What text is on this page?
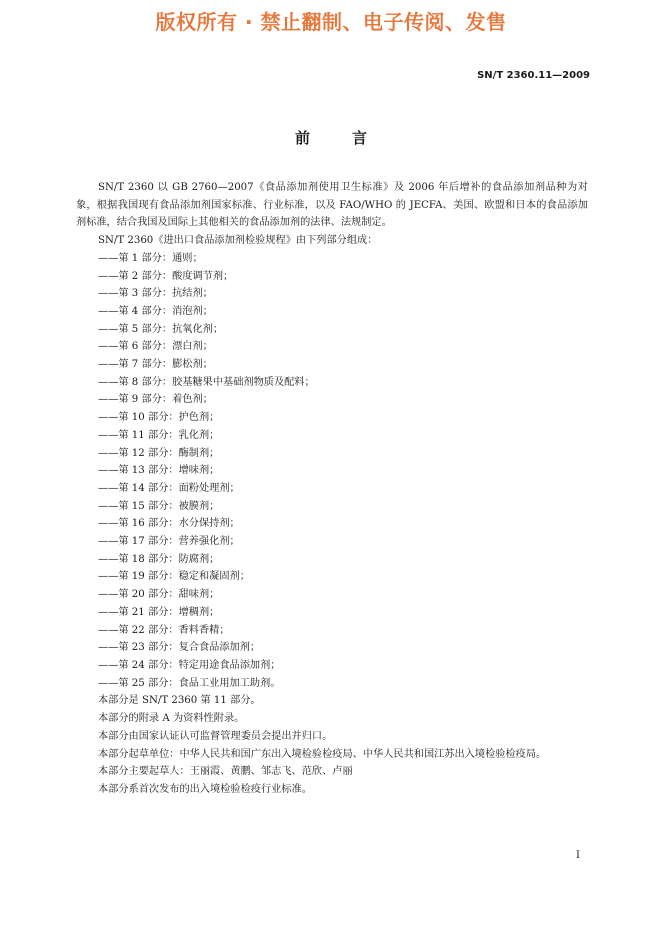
版权所有 · 禁止翻制、电子传阅、发售
SN/T 2360.11—2009
前言

SN/T 2360 以 GB 2760—2007《食品添加剂使用卫生标准》及 2006 年后增补的食品添加剂品种为对象，根据我国现有食品添加剂国家标准、行业标准，以及 FAO/WHO 的 JECFA、美国、欧盟和日本的食品添加剂标准，结合我国及国际上其他相关的食品添加剂的法律、法规制定。

SN/T 2360《进出口食品添加剂检验规程》由下列部分组成：

——第 1 部分：通则；

——第 2 部分：酸度调节剂；

——第 3 部分：抗结剂；

——第 4 部分：消泡剂；

——第 5 部分：抗氧化剂；

——第 6 部分：漂白剂；

——第 7 部分：膨松剂；

——第 8 部分：胶基糖果中基础剂物质及配料；

——第 9 部分：着色剂；

——第 10 部分：护色剂；

——第 11 部分：乳化剂；

——第 12 部分：酶制剂；

——第 13 部分：增味剂；

——第 14 部分：面粉处理剂；

——第 15 部分：被膜剂；

——第 16 部分：水分保持剂；

——第 17 部分：营养强化剂；

——第 18 部分：防腐剂；

——第 19 部分：稳定和凝固剂；

——第 20 部分：甜味剂；

——第 21 部分：增稠剂；

——第 22 部分：香料香精；

——第 23 部分：复合食品添加剂；

——第 24 部分：特定用途食品添加剂；

——第 25 部分：食品工业用加工助剂。

本部分是 SN/T 2360 第 11 部分。

本部分的附录 A 为资料性附录。

本部分由国家认证认可监督管理委员会提出并归口。

本部分起草单位：中华人民共和国广东出入境检验检疫局、中华人民共和国江苏出入境检验检疫局。

本部分主要起草人：王丽霞、黄鹏、邹志飞、范欣、卢丽

本部分系首次发布的出入境检验检疫行业标准。

I
